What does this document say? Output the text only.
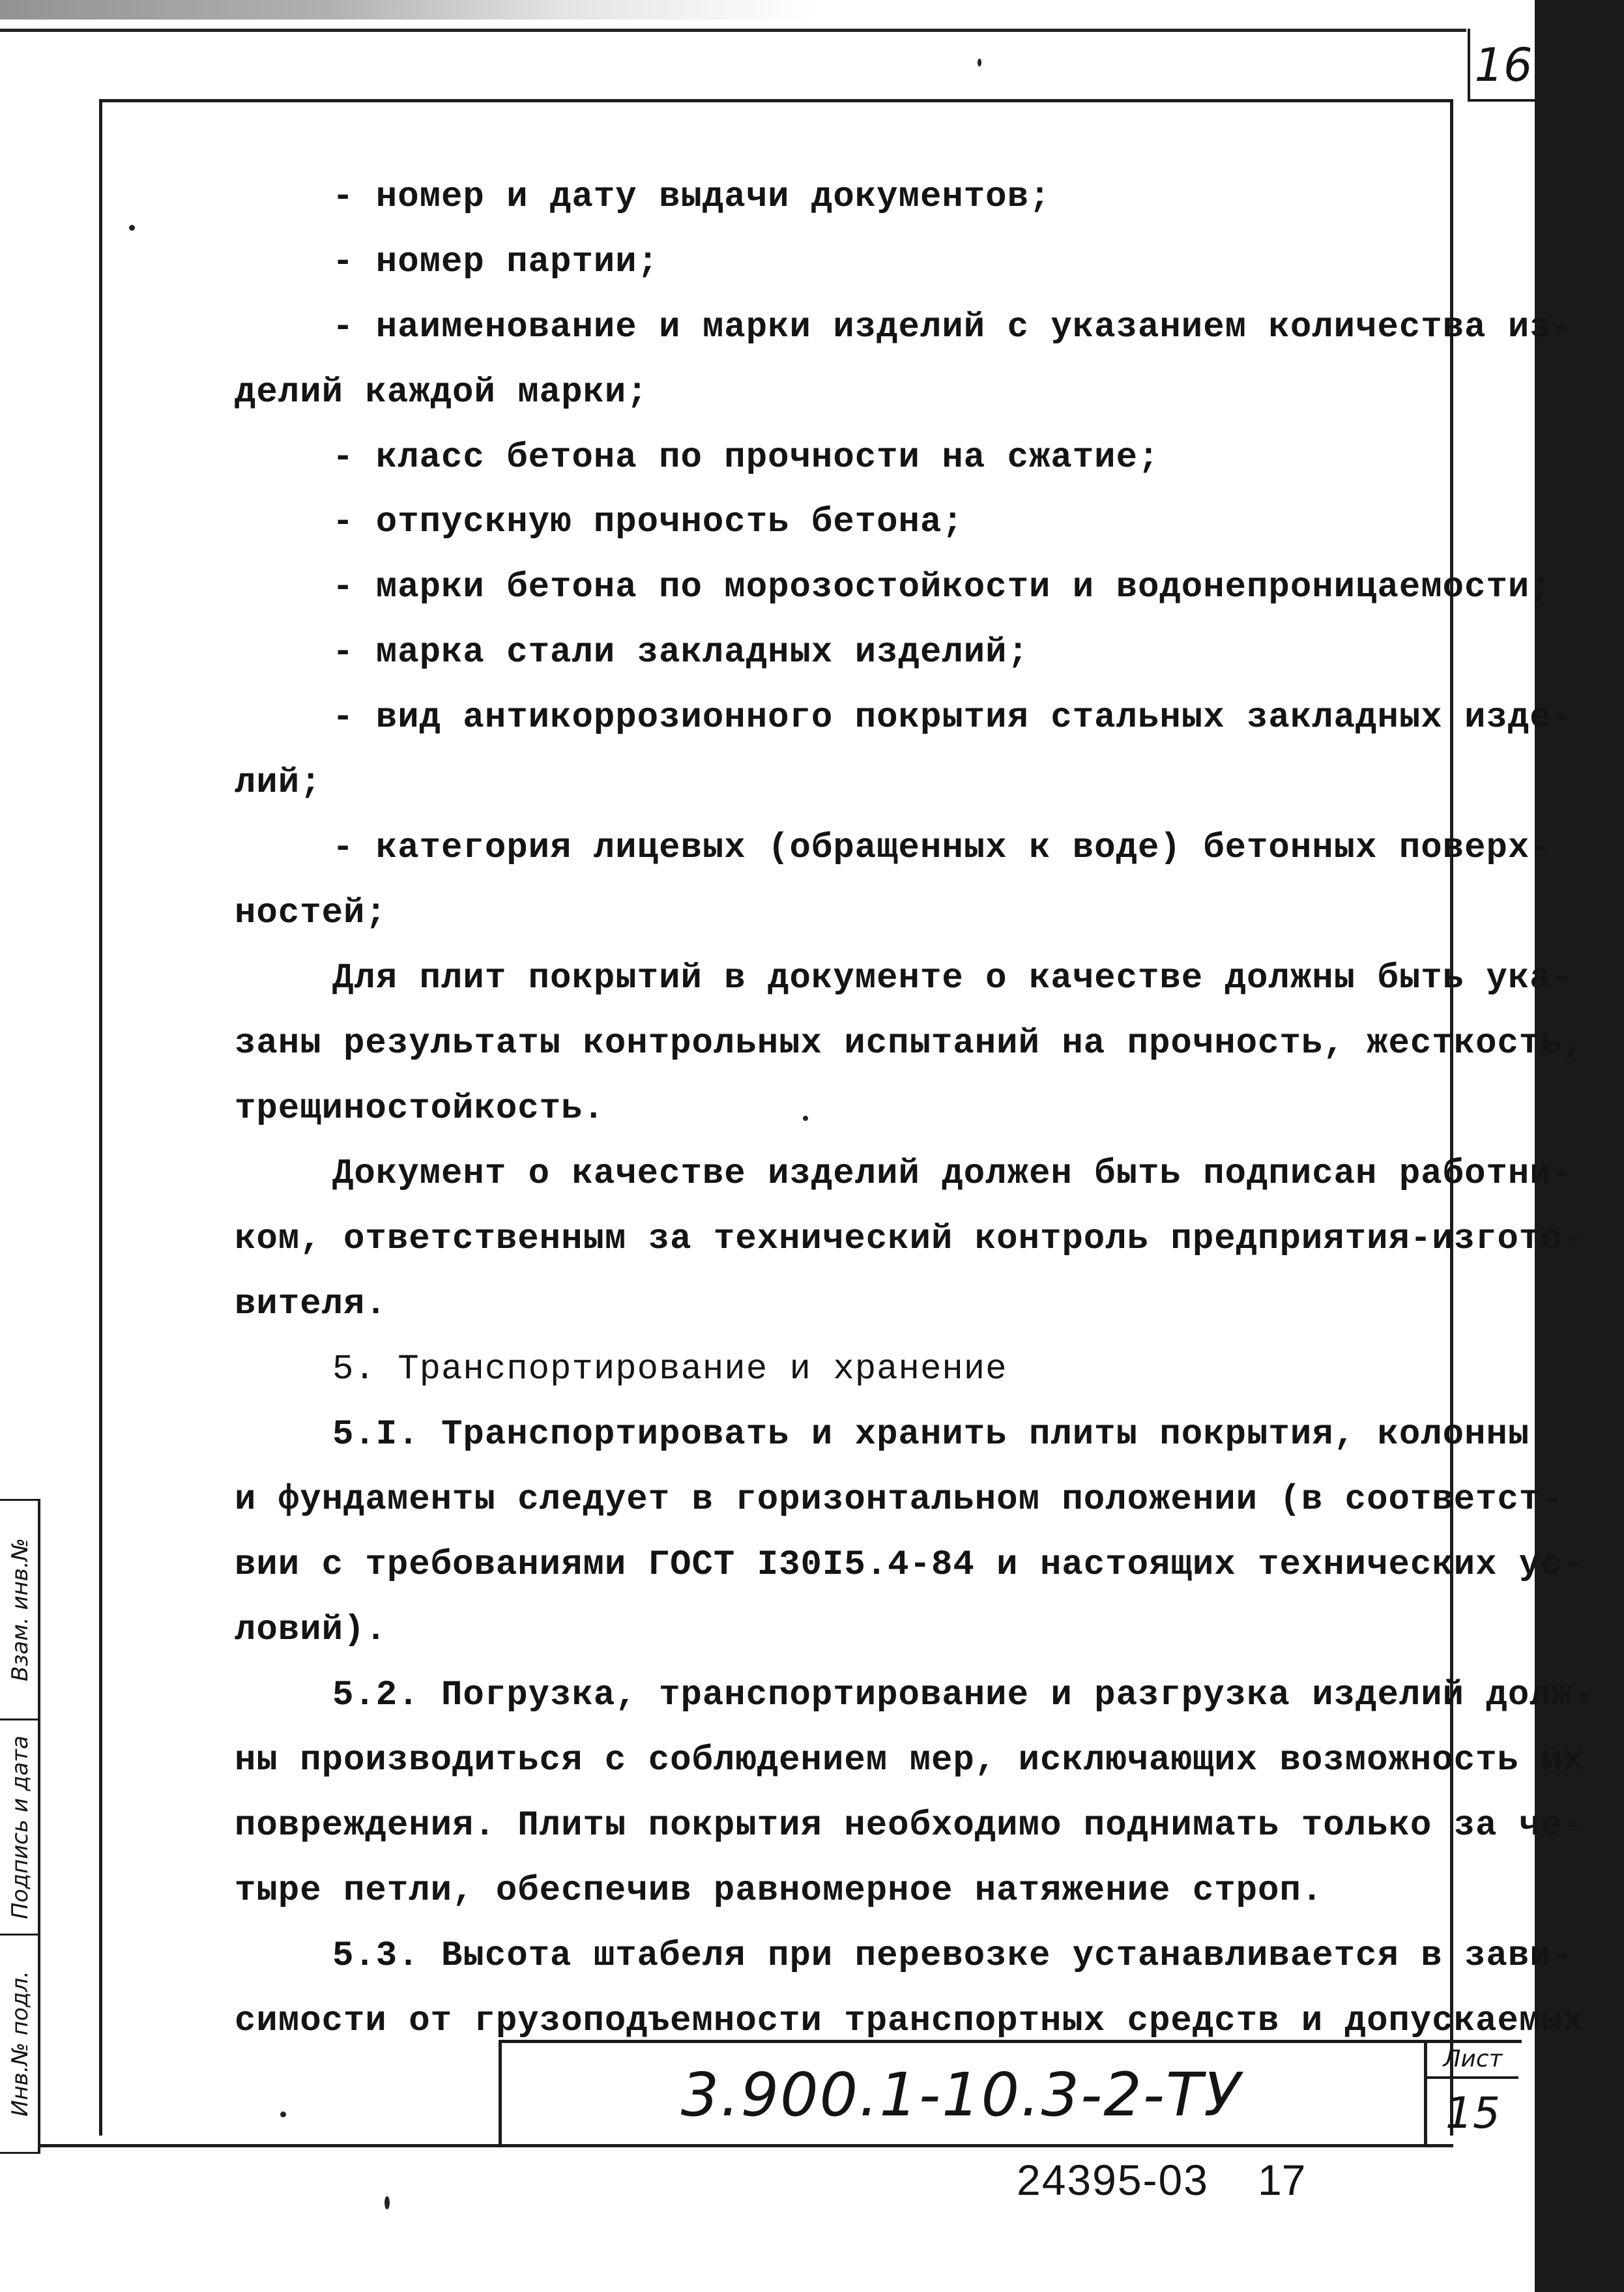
16
- номер и дату выдачи документов;
- номер партии;
- наименование и марки изделий с указанием количества из-
делий каждой марки;
- класс бетона по прочности на сжатие;
- отпускную прочность бетона;
- марки бетона по морозостойкости и водонепроницаемости;
- марка стали закладных изделий;
- вид антикоррозионного покрытия стальных закладных изде-
лий;
- категория лицевых (обращенных к воде) бетонных поверх-
ностей;
Для плит покрытий в документе о качестве должны быть ука-
заны результаты контрольных испытаний на прочность, жесткость,
трещиностойкость.
Документ о качестве изделий должен быть подписан работни-
ком, ответственным за технический контроль предприятия-изгото-
вителя.
5. Транспортирование и хранение
5.I. Транспортировать и хранить плиты покрытия, колонны
и фундаменты следует в горизонтальном положении (в соответст-
вии с требованиями ГОСТ I30I5.4-84 и настоящих технических ус-
ловий).
5.2. Погрузка, транспортирование и разгрузка изделий долж-
ны производиться с соблюдением мер, исключающих возможность их
повреждения. Плиты покрытия необходимо поднимать только за че-
тыре петли, обеспечив равномерное натяжение строп.
5.3. Высота штабеля при перевозке устанавливается в зави-
симости от грузоподъемности транспортных средств и допускаемых
Взам. инв.№
Подпись и дата
Инв.№ подл.	3.900.1-10.3-2-ТУ
Лист
15
24395-03	17
